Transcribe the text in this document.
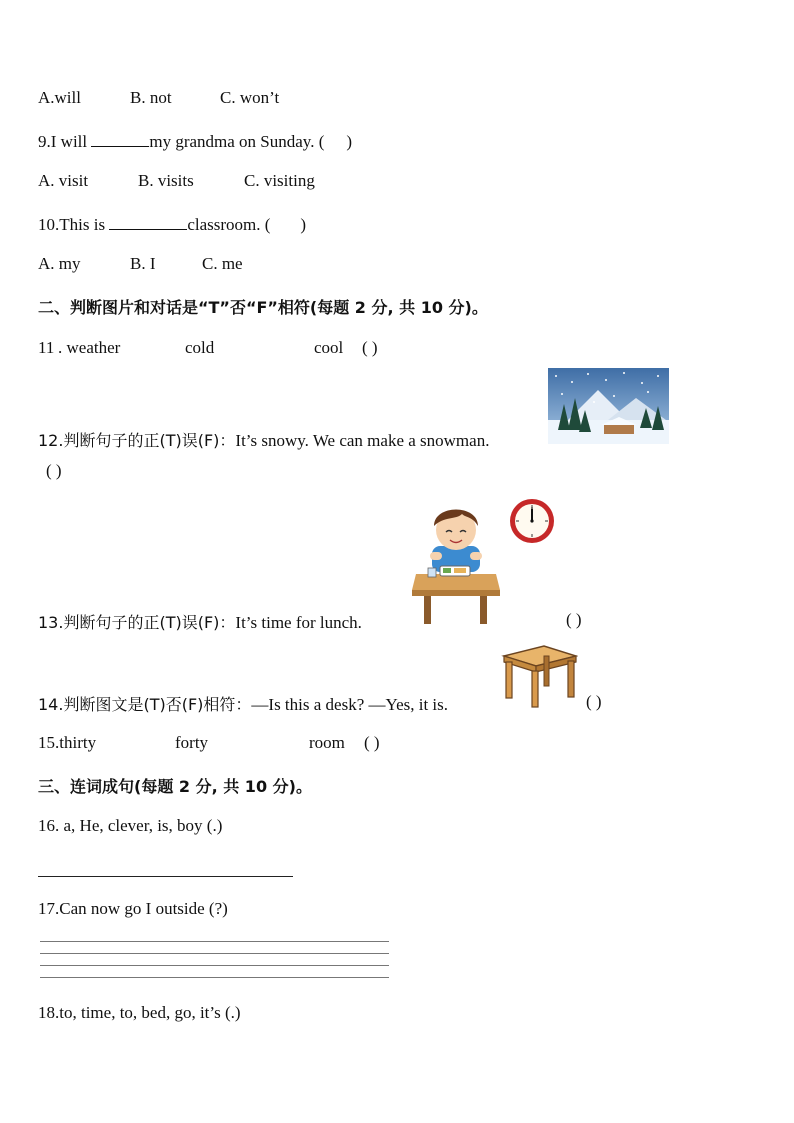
A.will	B. not	C. won’t
9.I will	my grandma on Sunday. ( )
A. visit	B. visits	C. visiting
10.This is	classroom. ( )
A. my	B. I	C. me
二、判断图片和对话是“T”否“F”相符(每题 2 分, 共 10 分)。
11 . weather	cold	cool ( )
12.判断句子的正(T)误(F)：It’s snowy. We can make a snowman.
( )
13.判断句子的正(T)误(F)：It’s time for lunch.	( )
14.判断图文是(T)否(F)相符：—Is this a desk? —Yes, it is.	( )
15.thirty	forty	room ( )
三、连词成句(每题 2 分, 共 10 分)。
16. a, He, clever, is, boy (.)
17.Can now go I outside (?)
18.to, time, to, bed, go, it’s (.)
